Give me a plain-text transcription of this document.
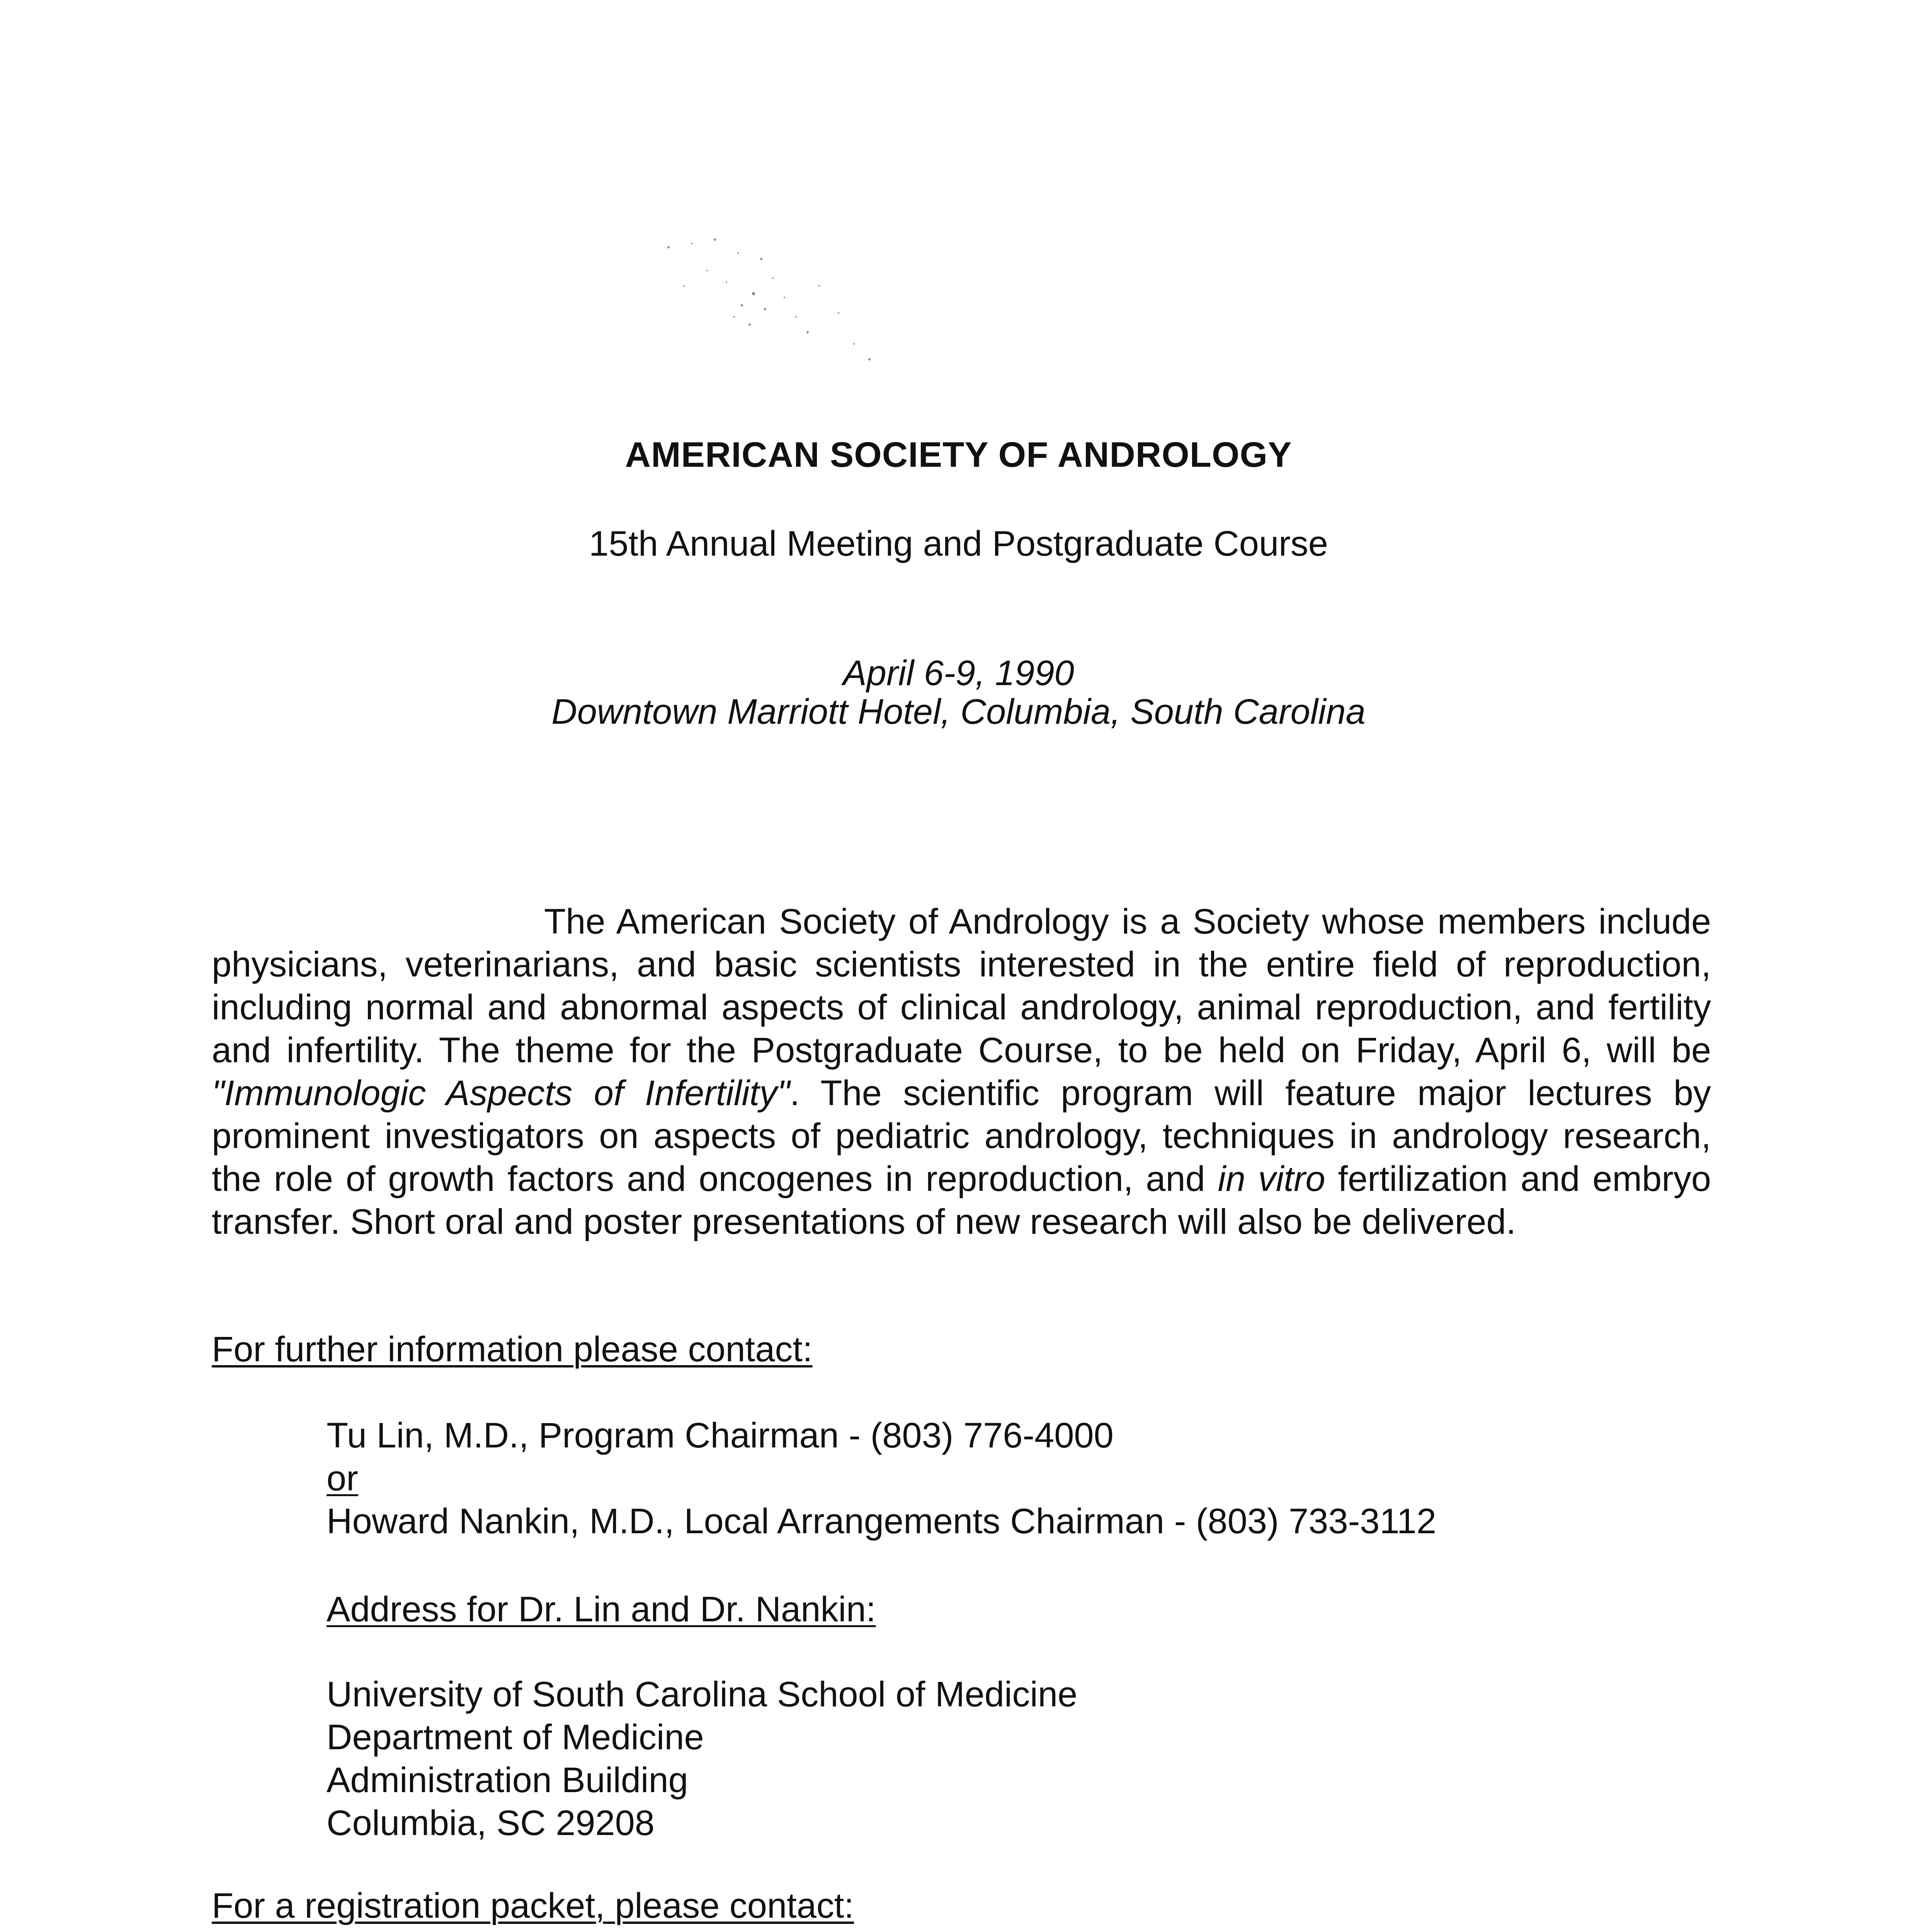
AMERICAN SOCIETY OF ANDROLOGY
15th Annual Meeting and Postgraduate Course
April 6-9, 1990
Downtown Marriott Hotel, Columbia, South Carolina
The American Society of Andrology is a Society whose members include physicians, veterinarians, and basic scientists interested in the entire field of reproduction, including normal and abnormal aspects of clinical andrology, animal reproduction, and fertility and infertility. The theme for the Postgraduate Course, to be held on Friday, April 6, will be "Immunologic Aspects of Infertility". The scientific program will feature major lectures by prominent investigators on aspects of pediatric andrology, techniques in andrology research, the role of growth factors and oncogenes in reproduction, and in vitro fertilization and embryo transfer. Short oral and poster presentations of new research will also be delivered.
For further information please contact:
Tu Lin, M.D., Program Chairman - (803) 776-4000
or
Howard Nankin, M.D., Local Arrangements Chairman - (803) 733-3112
Address for Dr. Lin and Dr. Nankin:
University of South Carolina School of Medicine
Department of Medicine
Administration Building
Columbia, SC 29208
For a registration packet, please contact:
